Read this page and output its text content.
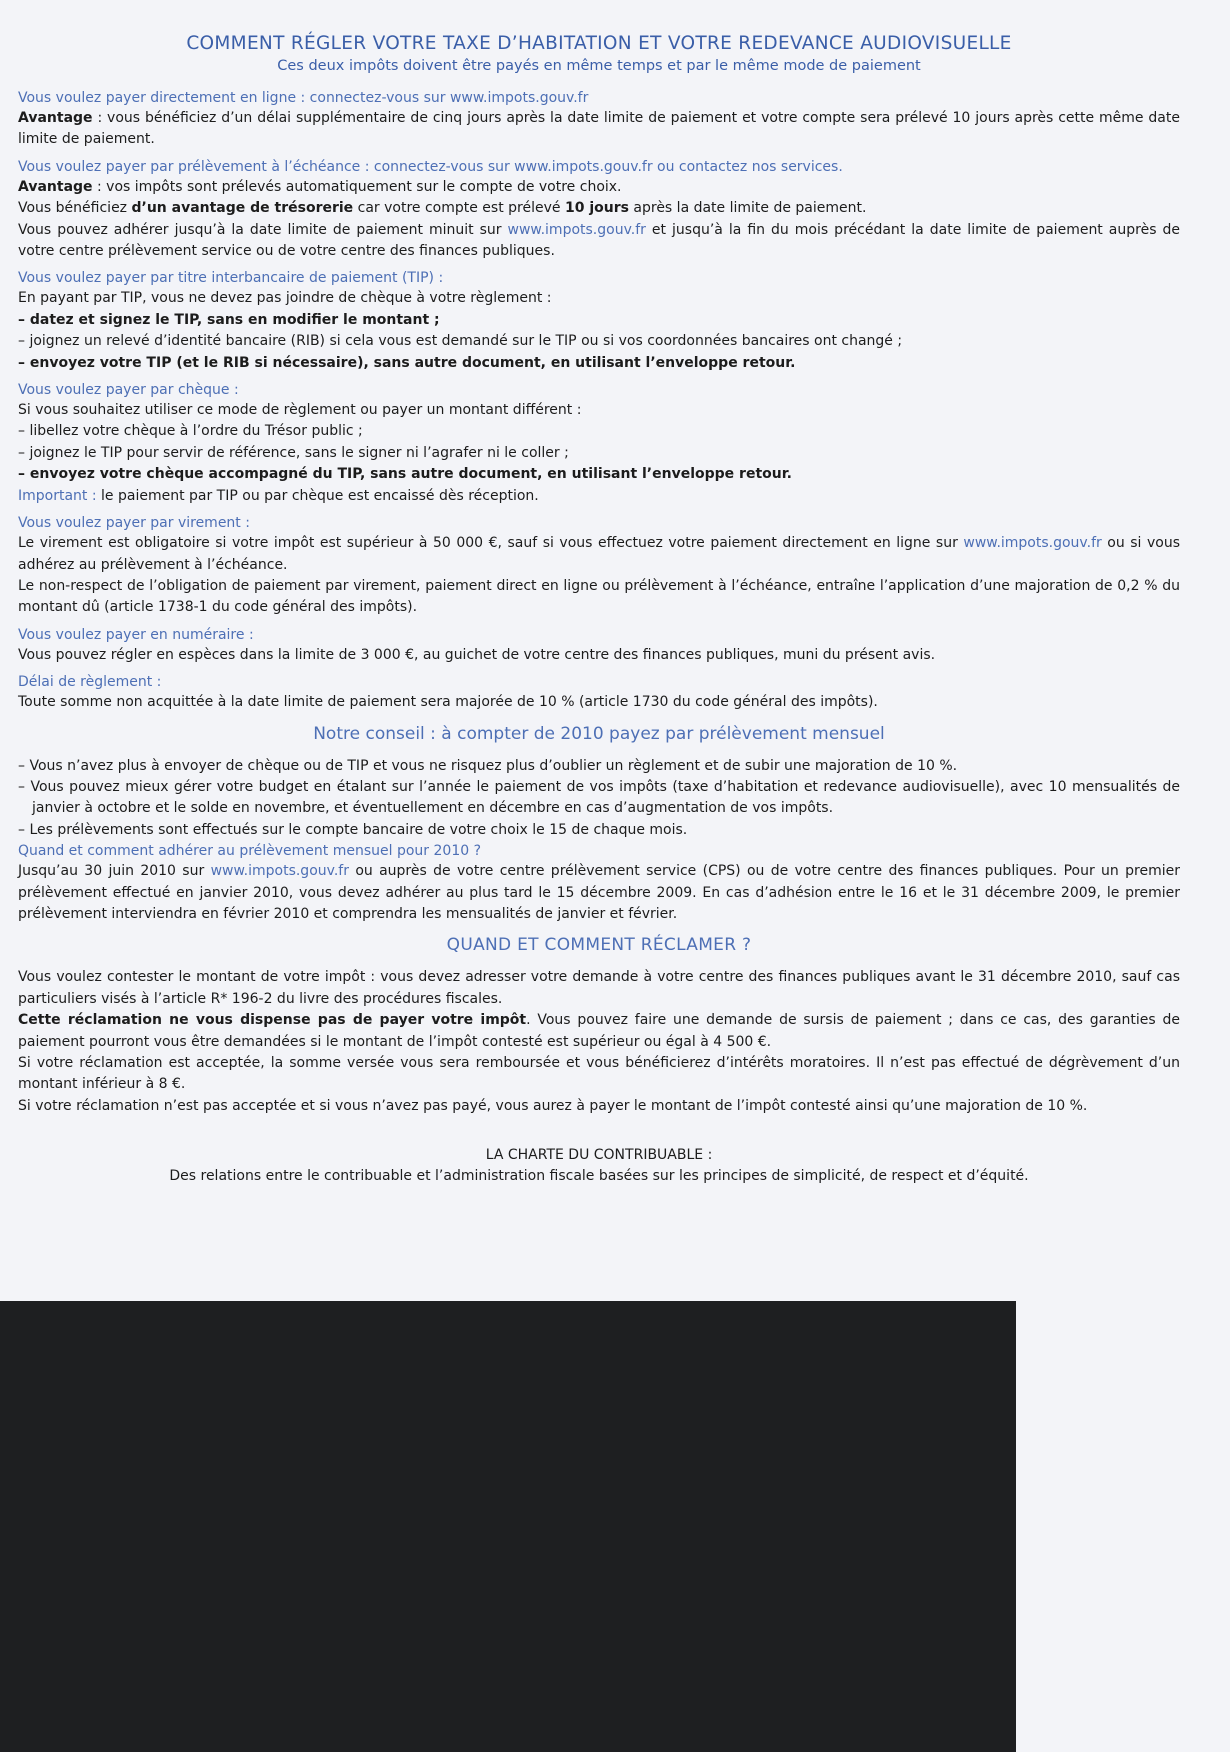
COMMENT RÉGLER VOTRE TAXE D’HABITATION ET VOTRE REDEVANCE AUDIOVISUELLE
Ces deux impôts doivent être payés en même temps et par le même mode de paiement
Vous voulez payer directement en ligne : connectez-vous sur www.impots.gouv.fr

Avantage : vous bénéficiez d’un délai supplémentaire de cinq jours après la date limite de paiement et votre compte sera prélevé 10 jours après cette même date limite de paiement.

Vous voulez payer par prélèvement à l’échéance : connectez-vous sur www.impots.gouv.fr ou contactez nos services.

Avantage : vos impôts sont prélevés automatiquement sur le compte de votre choix.

Vous bénéficiez d’un avantage de trésorerie car votre compte est prélevé 10 jours après la date limite de paiement.

Vous pouvez adhérer jusqu’à la date limite de paiement minuit sur www.impots.gouv.fr et jusqu’à la fin du mois précédant la date limite de paiement auprès de votre centre prélèvement service ou de votre centre des finances publiques.

Vous voulez payer par titre interbancaire de paiement (TIP) :

En payant par TIP, vous ne devez pas joindre de chèque à votre règlement :

– datez et signez le TIP, sans en modifier le montant ;

– joignez un relevé d’identité bancaire (RIB) si cela vous est demandé sur le TIP ou si vos coordonnées bancaires ont changé ;

– envoyez votre TIP (et le RIB si nécessaire), sans autre document, en utilisant l’enveloppe retour.

Vous voulez payer par chèque :

Si vous souhaitez utiliser ce mode de règlement ou payer un montant différent :

– libellez votre chèque à l’ordre du Trésor public ;

– joignez le TIP pour servir de référence, sans le signer ni l’agrafer ni le coller ;

– envoyez votre chèque accompagné du TIP, sans autre document, en utilisant l’enveloppe retour.

Important : le paiement par TIP ou par chèque est encaissé dès réception.

Vous voulez payer par virement :

Le virement est obligatoire si votre impôt est supérieur à 50 000 €, sauf si vous effectuez votre paiement directement en ligne sur www.impots.gouv.fr ou si vous adhérez au prélèvement à l’échéance.

Le non-respect de l’obligation de paiement par virement, paiement direct en ligne ou prélèvement à l’échéance, entraîne l’application d’une majoration de 0,2 % du montant dû (article 1738-1 du code général des impôts).

Vous voulez payer en numéraire :

Vous pouvez régler en espèces dans la limite de 3 000 €, au guichet de votre centre des finances publiques, muni du présent avis.

Délai de règlement :

Toute somme non acquittée à la date limite de paiement sera majorée de 10 % (article 1730 du code général des impôts).

Notre conseil : à compter de 2010 payez par prélèvement mensuel

– Vous n’avez plus à envoyer de chèque ou de TIP et vous ne risquez plus d’oublier un règlement et de subir une majoration de 10 %.

– Vous pouvez mieux gérer votre budget en étalant sur l’année le paiement de vos impôts (taxe d’habitation et redevance audiovisuelle), avec 10 mensualités de janvier à octobre et le solde en novembre, et éventuellement en décembre en cas d’augmentation de vos impôts.

– Les prélèvements sont effectués sur le compte bancaire de votre choix le 15 de chaque mois.

Quand et comment adhérer au prélèvement mensuel pour 2010 ?

Jusqu’au 30 juin 2010 sur www.impots.gouv.fr ou auprès de votre centre prélèvement service (CPS) ou de votre centre des finances publiques. Pour un premier prélèvement effectué en janvier 2010, vous devez adhérer au plus tard le 15 décembre 2009. En cas d’adhésion entre le 16 et le 31 décembre 2009, le premier prélèvement interviendra en février 2010 et comprendra les mensualités de janvier et février.

QUAND ET COMMENT RÉCLAMER ?

Vous voulez contester le montant de votre impôt : vous devez adresser votre demande à votre centre des finances publiques avant le 31 décembre 2010, sauf cas particuliers visés à l’article R* 196-2 du livre des procédures fiscales.

Cette réclamation ne vous dispense pas de payer votre impôt. Vous pouvez faire une demande de sursis de paiement ; dans ce cas, des garanties de paiement pourront vous être demandées si le montant de l’impôt contesté est supérieur ou égal à 4 500 €.

Si votre réclamation est acceptée, la somme versée vous sera remboursée et vous bénéficierez d’intérêts moratoires. Il n’est pas effectué de dégrèvement d’un montant inférieur à 8 €.

Si votre réclamation n’est pas acceptée et si vous n’avez pas payé, vous aurez à payer le montant de l’impôt contesté ainsi qu’une majoration de 10 %.

LA CHARTE DU CONTRIBUABLE :
Des relations entre le contribuable et l’administration fiscale basées sur les principes de simplicité, de respect et d’équité.
